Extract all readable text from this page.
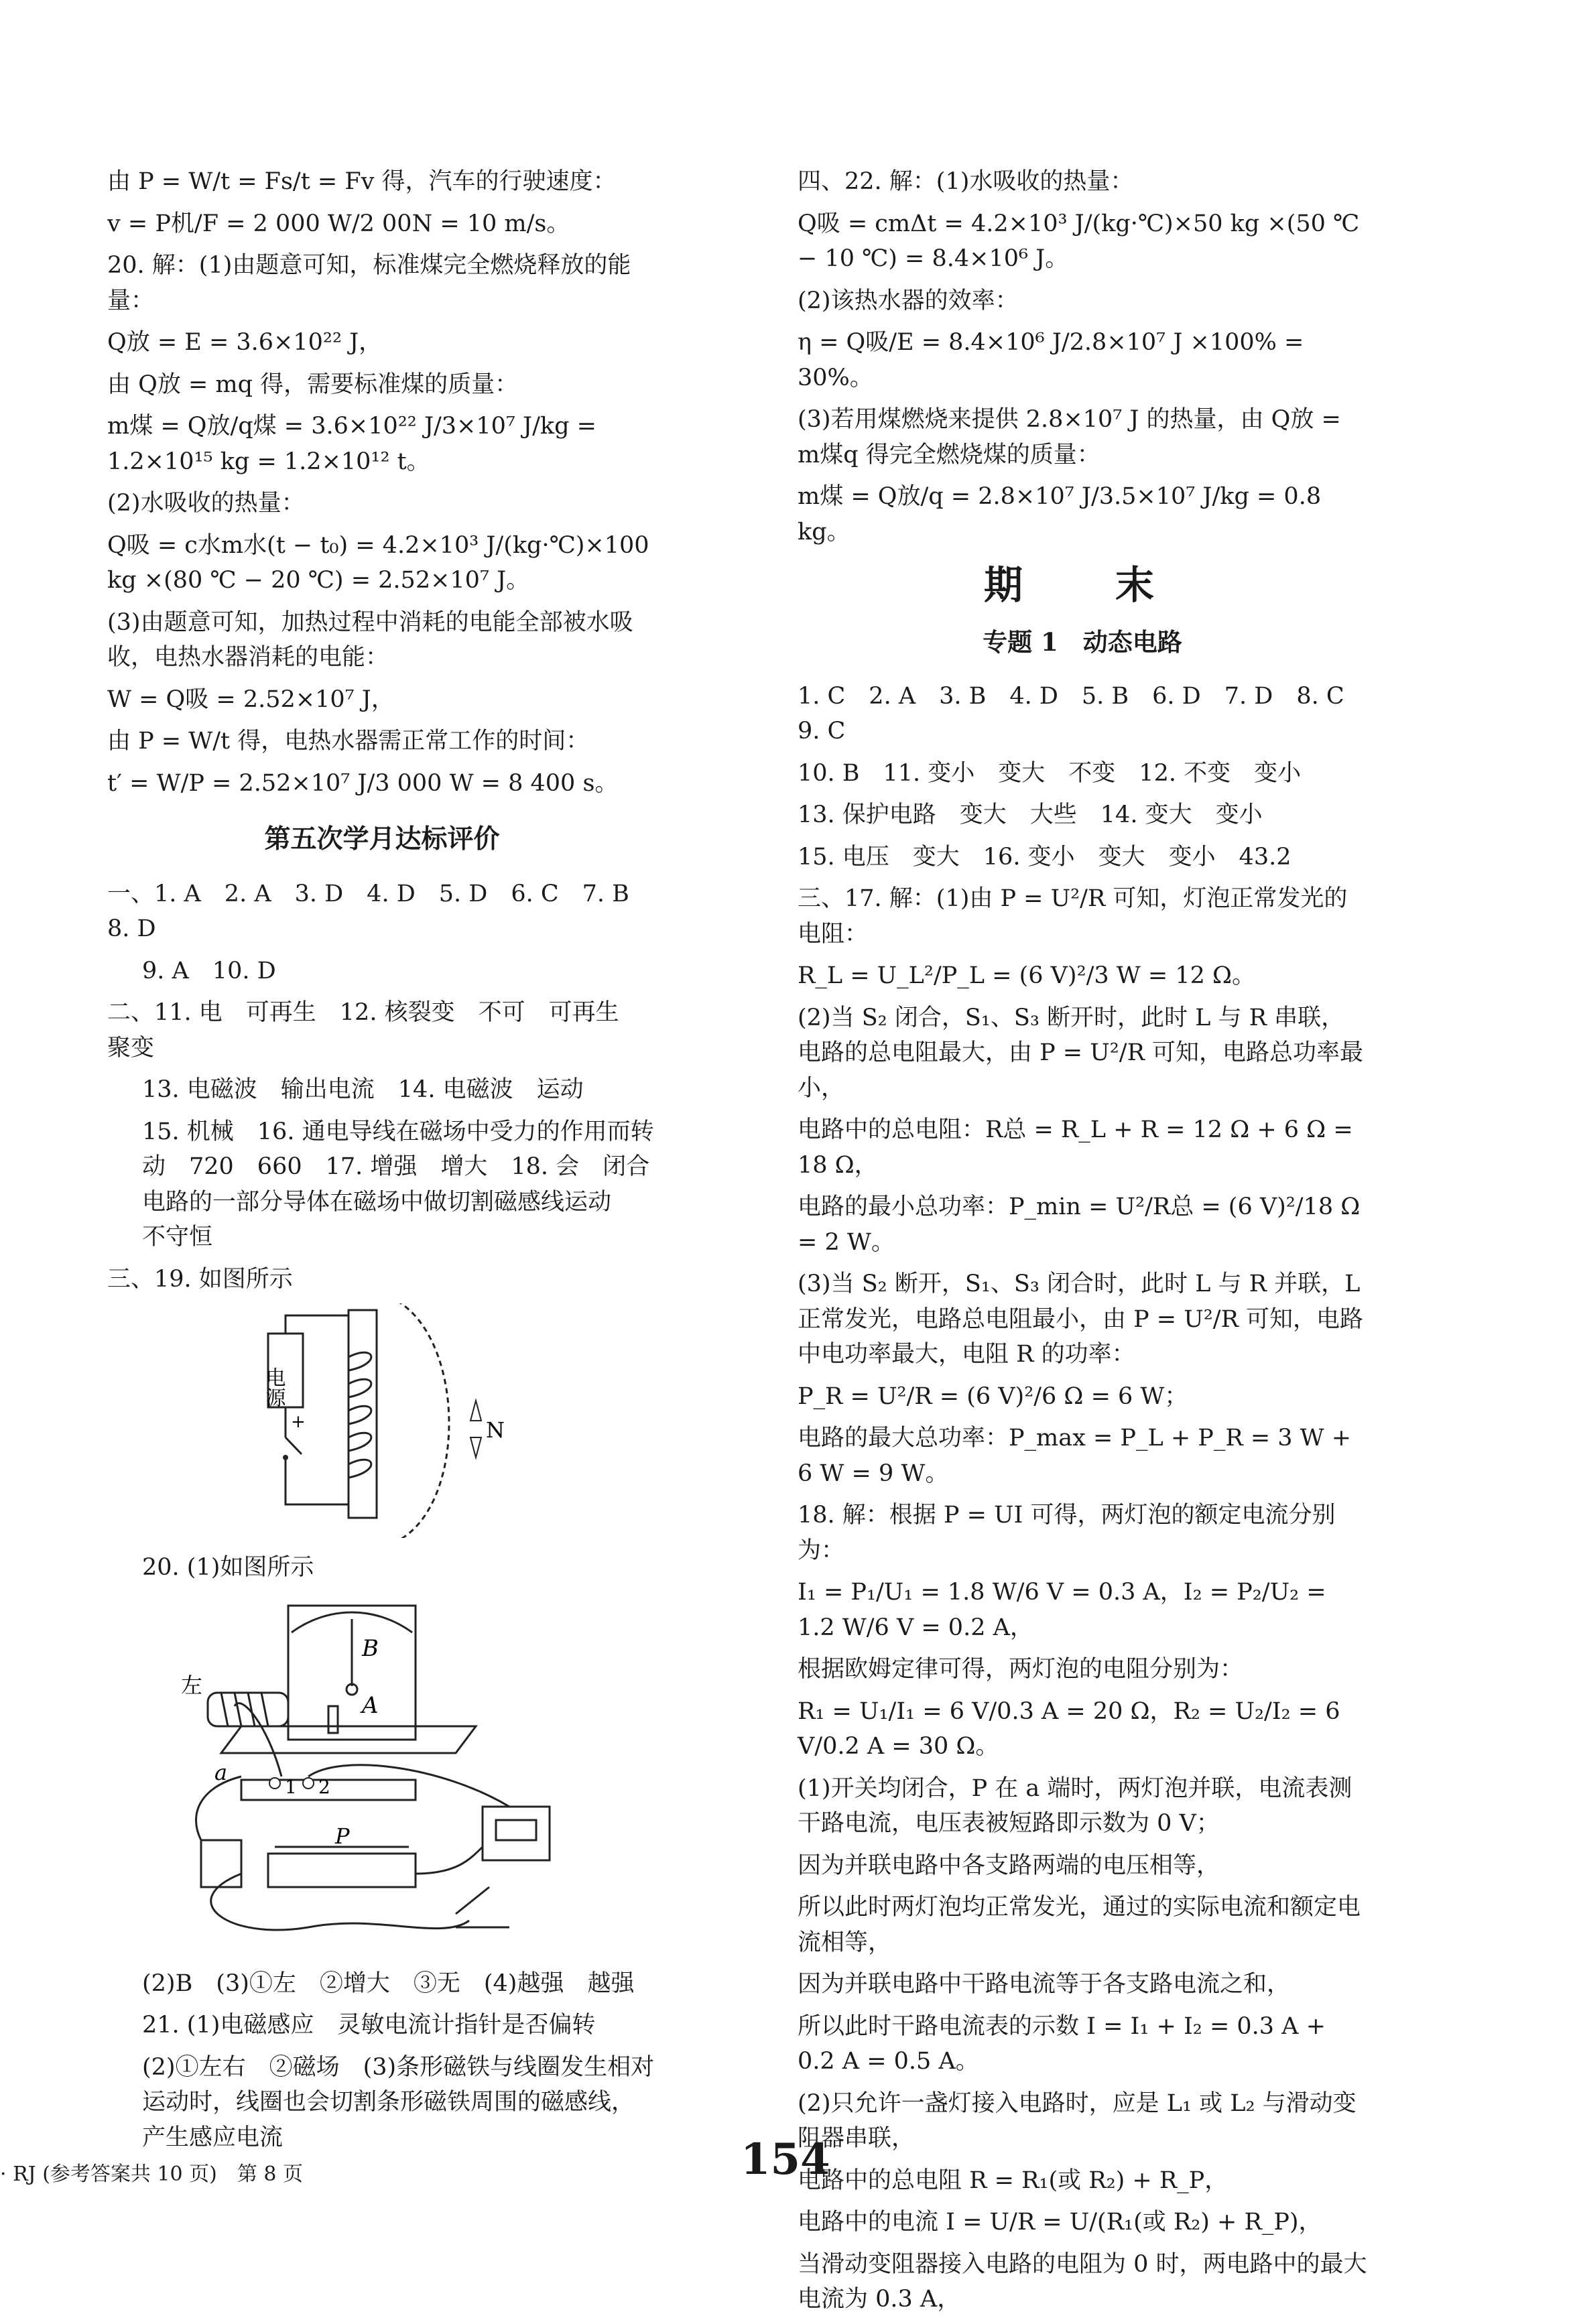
由 P = W/t = Fs/t = Fv 得，汽车的行驶速度：

v = P机/F = 2 000 W/2 00N = 10 m/s。

20. 解：(1)由题意可知，标准煤完全燃烧释放的能量：

Q放 = E = 3.6×10²² J，

由 Q放 = mq 得，需要标准煤的质量：

m煤 = Q放/q煤 = 3.6×10²² J/3×10⁷ J/kg = 1.2×10¹⁵ kg = 1.2×10¹² t。

(2)水吸收的热量：

Q吸 = c水m水(t − t₀) = 4.2×10³ J/(kg·℃)×100 kg ×(80 ℃ − 20 ℃) = 2.52×10⁷ J。

(3)由题意可知，加热过程中消耗的电能全部被水吸收，电热水器消耗的电能：

W = Q吸 = 2.52×10⁷ J，

由 P = W/t 得，电热水器需正常工作的时间：

t′ = W/P = 2.52×10⁷ J/3 000 W = 8 400 s。

第五次学月达标评价

一、1. A　2. A　3. D　4. D　5. D　6. C　7. B　8. D

9. A　10. D

二、11. 电　可再生　12. 核裂变　不可　可再生　聚变

13. 电磁波　输出电流　14. 电磁波　运动

15. 机械　16. 通电导线在磁场中受力的作用而转动　720　660　17. 增强　增大　18. 会　闭合电路的一部分导体在磁场中做切割磁感线运动　不守恒

三、19. 如图所示

电源
+	N

20. (1)如图所示

B
A
左
a
1 2
P

(2)B　(3)①左　②增大　③无　(4)越强　越强

21. (1)电磁感应　灵敏电流计指针是否偏转

(2)①左右　②磁场　(3)条形磁铁与线圈发生相对运动时，线圈也会切割条形磁铁周围的磁感线，产生感应电流

四、22. 解：(1)水吸收的热量：

Q吸 = cmΔt = 4.2×10³ J/(kg·℃)×50 kg ×(50 ℃ − 10 ℃) = 8.4×10⁶ J。

(2)该热水器的效率：

η = Q吸/E = 8.4×10⁶ J/2.8×10⁷ J ×100% = 30%。

(3)若用煤燃烧来提供 2.8×10⁷ J 的热量，由 Q放 = m煤q 得完全燃烧煤的质量：

m煤 = Q放/q = 2.8×10⁷ J/3.5×10⁷ J/kg = 0.8 kg。

期　末
专题 1　动态电路

1. C　2. A　3. B　4. D　5. B　6. D　7. D　8. C　9. C

10. B　11. 变小　变大　不变　12. 不变　变小

13. 保护电路　变大　大些　14. 变大　变小

15. 电压　变大　16. 变小　变大　变小　43.2

三、17. 解：(1)由 P = U²/R 可知，灯泡正常发光的电阻：

R_L = U_L²/P_L = (6 V)²/3 W = 12 Ω。

(2)当 S₂ 闭合，S₁、S₃ 断开时，此时 L 与 R 串联，电路的总电阻最大，由 P = U²/R 可知，电路总功率最小，

电路中的总电阻：R总 = R_L + R = 12 Ω + 6 Ω = 18 Ω，

电路的最小总功率：P_min = U²/R总 = (6 V)²/18 Ω = 2 W。

(3)当 S₂ 断开，S₁、S₃ 闭合时，此时 L 与 R 并联，L 正常发光，电路总电阻最小，由 P = U²/R 可知，电路中电功率最大，电阻 R 的功率：

P_R = U²/R = (6 V)²/6 Ω = 6 W；

电路的最大总功率：P_max = P_L + P_R = 3 W + 6 W = 9 W。

18. 解：根据 P = UI 可得，两灯泡的额定电流分别为：

I₁ = P₁/U₁ = 1.8 W/6 V = 0.3 A，I₂ = P₂/U₂ = 1.2 W/6 V = 0.2 A，

根据欧姆定律可得，两灯泡的电阻分别为：

R₁ = U₁/I₁ = 6 V/0.3 A = 20 Ω，R₂ = U₂/I₂ = 6 V/0.2 A = 30 Ω。

(1)开关均闭合，P 在 a 端时，两灯泡并联，电流表测干路电流，电压表被短路即示数为 0 V；

因为并联电路中各支路两端的电压相等，

所以此时两灯泡均正常发光，通过的实际电流和额定电流相等，

因为并联电路中干路电流等于各支路电流之和，

所以此时干路电流表的示数 I = I₁ + I₂ = 0.3 A + 0.2 A = 0.5 A。

(2)只允许一盏灯接入电路时，应是 L₁ 或 L₂ 与滑动变阻器串联，

电路中的总电阻 R = R₁(或 R₂) + R_P，

电路中的电流 I = U/R = U/(R₁(或 R₂) + R_P)，

当滑动变阻器接入电路的电阻为 0 时，两电路中的最大电流为 0.3 A，

· RJ (参考答案共 10 页)　第 8 页	154
